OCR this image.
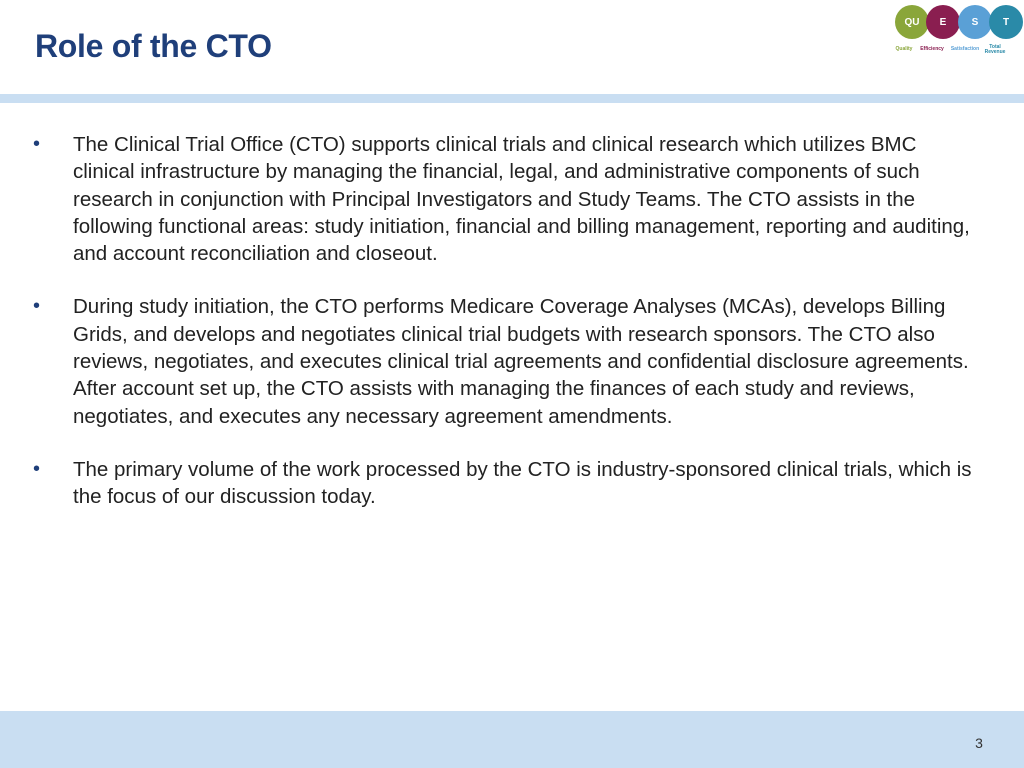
Role of the CTO
QU	E	S	T
Quality	Efficiency	Satisfaction	Total Revenue
• The Clinical Trial Office (CTO) supports clinical trials and clinical research which utilizes BMC clinical infrastructure by managing the financial, legal, and administrative components of such research in conjunction with Principal Investigators and Study Teams. The CTO assists in the following functional areas: study initiation, financial and billing management, reporting and auditing, and account reconciliation and closeout.

• During study initiation, the CTO performs Medicare Coverage Analyses (MCAs), develops Billing Grids, and develops and negotiates clinical trial budgets with research sponsors. The CTO also reviews, negotiates, and executes clinical trial agreements and confidential disclosure agreements. After account set up, the CTO assists with managing the finances of each study and reviews, negotiates, and executes any necessary agreement amendments.

• The primary volume of the work processed by the CTO is industry-sponsored clinical trials, which is the focus of our discussion today.

3
